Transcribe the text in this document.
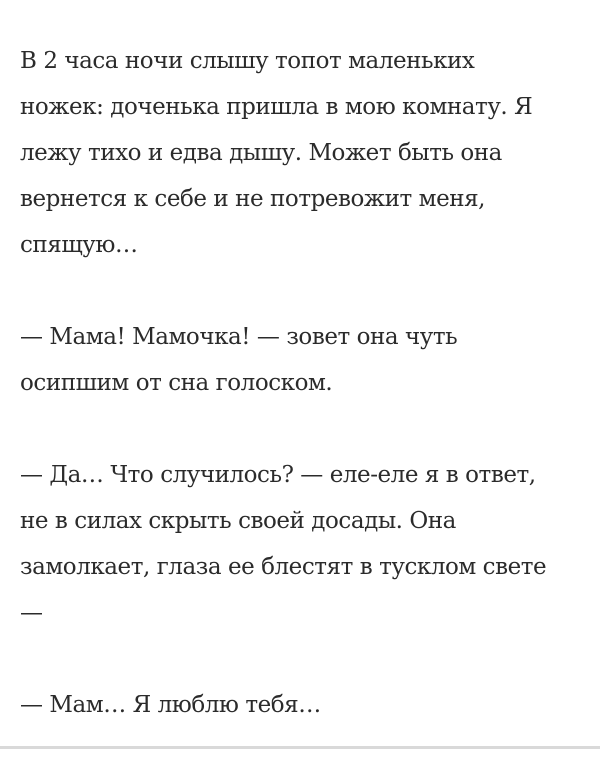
В 2 часа ночи слышу топот маленьких
ножек: доченька пришла в мою комнату. Я
лежу тихо и едва дышу. Может быть она
вернется к себе и не потревожит меня,
спящую…

— Мама! Мамочка! — зовет она чуть
осипшим от сна голоском.

— Да… Что случилось? — еле-еле я в ответ,
не в силах скрыть своей досады. Она
замолкает, глаза ее блестят в тусклом свете
—

— Мам… Я люблю тебя…
